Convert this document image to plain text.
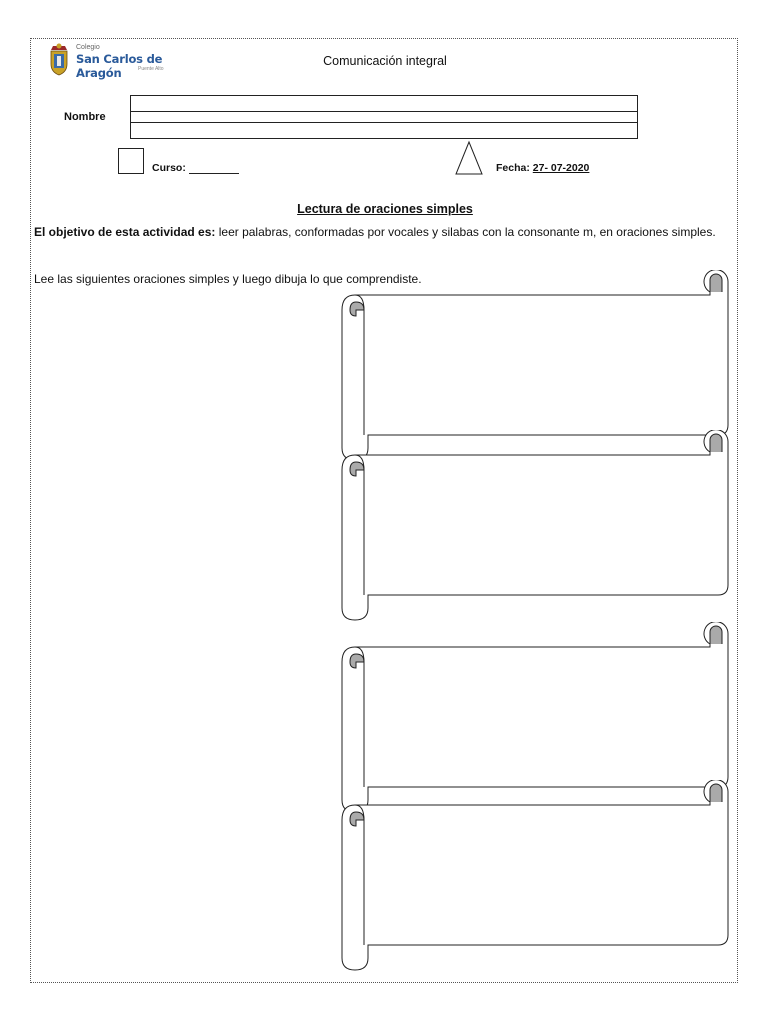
Colegio
San Carlos de Aragón	Puente Alto
Comunicación integral
Nombre
Curso:	Fecha: 27- 07-2020
Lectura de oraciones simples
El objetivo de esta actividad es: leer palabras, conformadas por vocales y silabas con la consonante m, en oraciones simples.
Lee las siguientes oraciones simples y luego dibuja lo que comprendiste.
